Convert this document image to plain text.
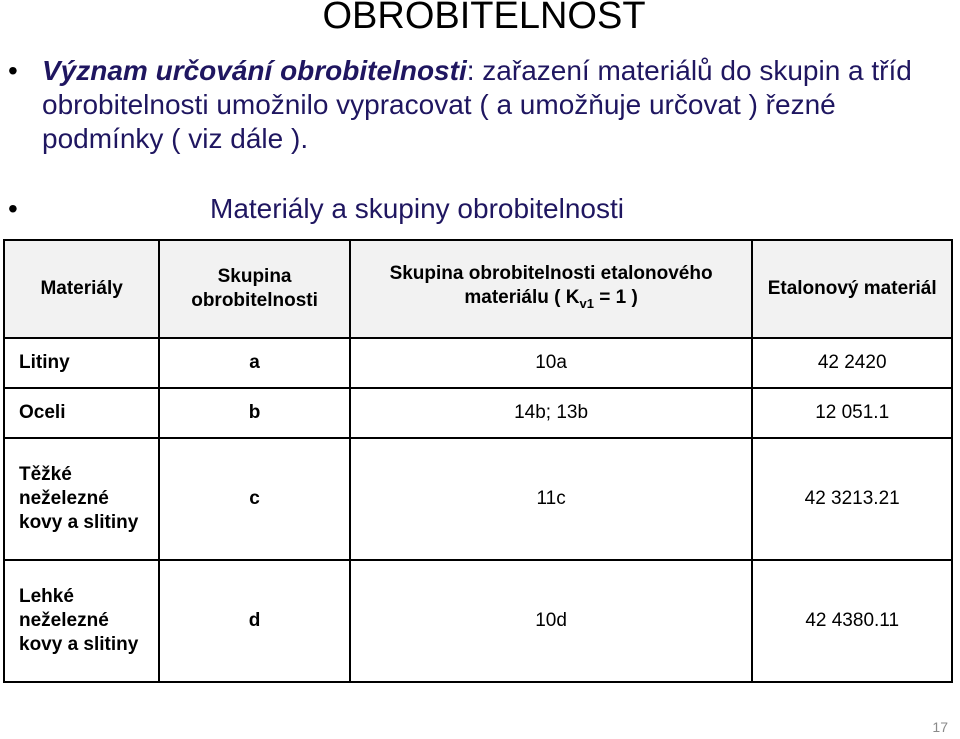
OBROBITELNOST
• Význam určování obrobitelnosti: zařazení materiálů do skupin a tříd obrobitelnosti umožnilo vypracovat ( a umožňuje určovat ) řezné podmínky ( viz dále ).
•	Materiály a skupiny obrobitelnosti
Materiály	Skupina obrobitelnosti	Skupina obrobitelnosti etalonového materiálu ( $K_{v1} = 1$ )	Etalonový materiál
Litiny	a	10a	42 2420
Oceli	b	14b; 13b	12 051.1
Těžké neželezné kovy a slitiny	c	11c	42 3213.21
Lehké neželezné kovy a slitiny	d	10d	42 4380.11
17
